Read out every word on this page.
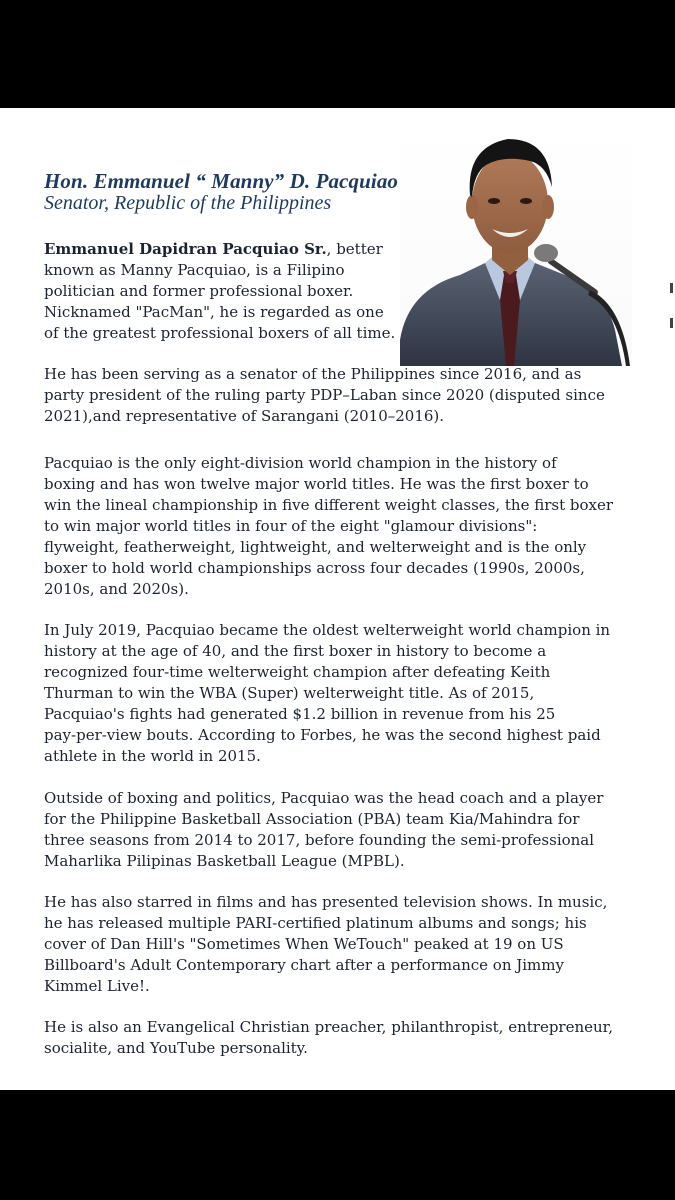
Hon. Emmanuel “ Manny” D. Pacquiao
Senator, Republic of the Philippines
Emmanuel Dapidran Pacquiao Sr., better
known as Manny Pacquiao, is a Filipino
politician and former professional boxer.
Nicknamed "PacMan", he is regarded as one
of the greatest professional boxers of all time.
He has been serving as a senator of the Philippines since 2016, and as
party president of the ruling party PDP–Laban since 2020 (disputed since
2021),and representative of Sarangani (2010–2016).
Pacquiao is the only eight-division world champion in the history of
boxing and has won twelve major world titles. He was the first boxer to
win the lineal championship in five different weight classes, the first boxer
to win major world titles in four of the eight "glamour divisions":
flyweight, featherweight, lightweight, and welterweight and is the only
boxer to hold world championships across four decades (1990s, 2000s,
2010s, and 2020s).
In July 2019, Pacquiao became the oldest welterweight world champion in
history at the age of 40, and the first boxer in history to become a
recognized four-time welterweight champion after defeating Keith
Thurman to win the WBA (Super) welterweight title. As of 2015,
Pacquiao's fights had generated $1.2 billion in revenue from his 25
pay-per-view bouts. According to Forbes, he was the second highest paid
athlete in the world in 2015.
Outside of boxing and politics, Pacquiao was the head coach and a player
for the Philippine Basketball Association (PBA) team Kia/Mahindra for
three seasons from 2014 to 2017, before founding the semi-professional
Maharlika Pilipinas Basketball League (MPBL).
He has also starred in films and has presented television shows. In music,
he has released multiple PARI-certified platinum albums and songs; his
cover of Dan Hill's "Sometimes When WeTouch" peaked at 19 on US
Billboard's Adult Contemporary chart after a performance on Jimmy
Kimmel Live!.
He is also an Evangelical Christian preacher, philanthropist, entrepreneur,
socialite, and YouTube personality.
